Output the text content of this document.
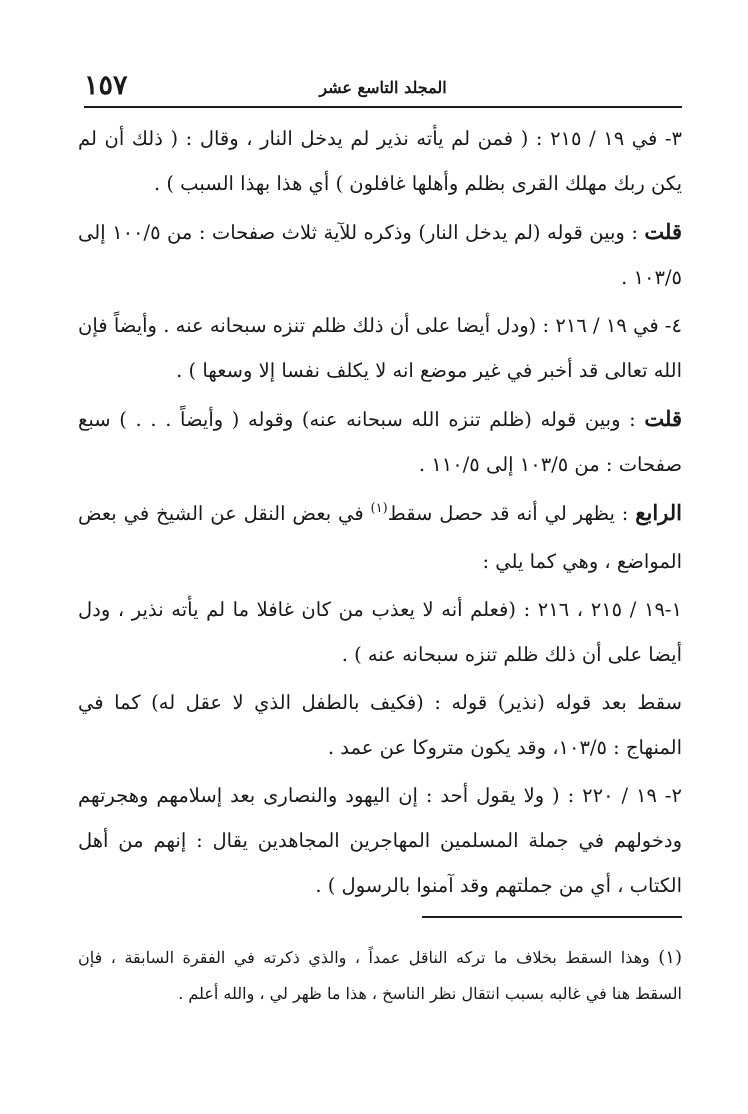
المجلد التاسع عشر
١٥٧

٣- في ١٩ / ٢١٥ : ( فمن لم يأته نذير لم يدخل النار ، وقال : ( ذلك أن لم يكن ربك مهلك القرى بظلم وأهلها غافلون ) أي هذا بهذا السبب ) .

قلت : وبين قوله (لم يدخل النار) وذكره للآية ثلاث صفحات : من ١٠٠/٥ إلى ١٠٣/٥ .

٤- في ١٩ / ٢١٦ : (ودل أيضا على أن ذلك ظلم تنزه سبحانه عنه . وأيضاً فإن الله تعالى قد أخبر في غير موضع انه لا يكلف نفسا إلا وسعها ) .

قلت : وبين قوله (ظلم تنزه الله سبحانه عنه) وقوله ( وأيضاً . . . ) سبع صفحات : من ١٠٣/٥ إلى ١١٠/٥ .

الرابع : يظهر لي أنه قد حصل سقط$^{(١)}$ في بعض النقل عن الشيخ في بعض المواضع ، وهي كما يلي :

١-١٩ / ٢١٥ ، ٢١٦ : (فعلم أنه لا يعذب من كان غافلا ما لم يأته نذير ، ودل أيضا على أن ذلك ظلم تنزه سبحانه عنه ) .

سقط بعد قوله (نذير) قوله : (فكيف بالطفل الذي لا عقل له) كما في المنهاج : ١٠٣/٥، وقد يكون متروكا عن عمد .

٢- ١٩ / ٢٢٠ : ( ولا يقول أحد : إن اليهود والنصارى بعد إسلامهم وهجرتهم ودخولهم في جملة المسلمين المهاجرين المجاهدين يقال : إنهم من أهل الكتاب ، أي من جملتهم وقد آمنوا بالرسول ) .

(١) وهذا السقط بخلاف ما تركه الناقل عمداً ، والذي ذكرته في الفقرة السابقة ، فإن السقط هنا في غالبه بسبب انتقال نظر الناسخ ، هذا ما ظهر لي ، والله أعلم .
